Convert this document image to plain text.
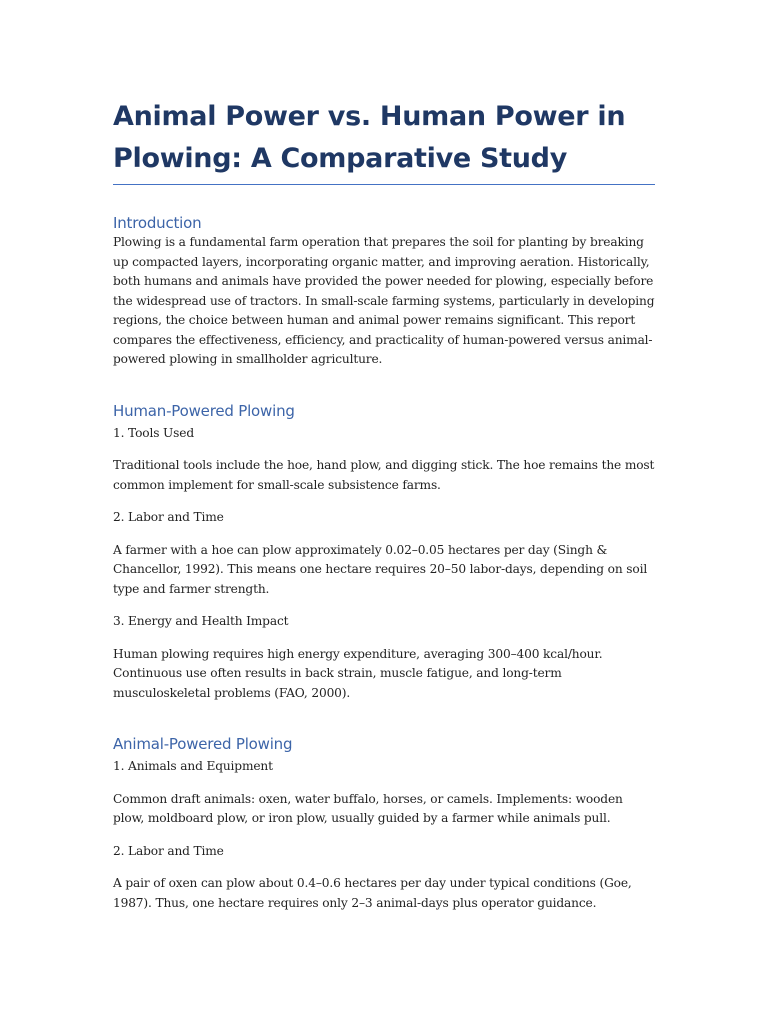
Animal Power vs. Human Power in Plowing: A Comparative Study
Introduction

Plowing is a fundamental farm operation that prepares the soil for planting by breaking up compacted layers, incorporating organic matter, and improving aeration. Historically, both humans and animals have provided the power needed for plowing, especially before the widespread use of tractors. In small-scale farming systems, particularly in developing regions, the choice between human and animal power remains significant. This report compares the effectiveness, efficiency, and practicality of human-powered versus animal-powered plowing in smallholder agriculture.

Human-Powered Plowing

1. Tools Used

Traditional tools include the hoe, hand plow, and digging stick. The hoe remains the most common implement for small-scale subsistence farms.

2. Labor and Time

A farmer with a hoe can plow approximately 0.02–0.05 hectares per day (Singh & Chancellor, 1992). This means one hectare requires 20–50 labor-days, depending on soil type and farmer strength.

3. Energy and Health Impact

Human plowing requires high energy expenditure, averaging 300–400 kcal/hour. Continuous use often results in back strain, muscle fatigue, and long-term musculoskeletal problems (FAO, 2000).

Animal-Powered Plowing

1. Animals and Equipment

Common draft animals: oxen, water buffalo, horses, or camels. Implements: wooden plow, moldboard plow, or iron plow, usually guided by a farmer while animals pull.

2. Labor and Time

A pair of oxen can plow about 0.4–0.6 hectares per day under typical conditions (Goe, 1987). Thus, one hectare requires only 2–3 animal-days plus operator guidance.
